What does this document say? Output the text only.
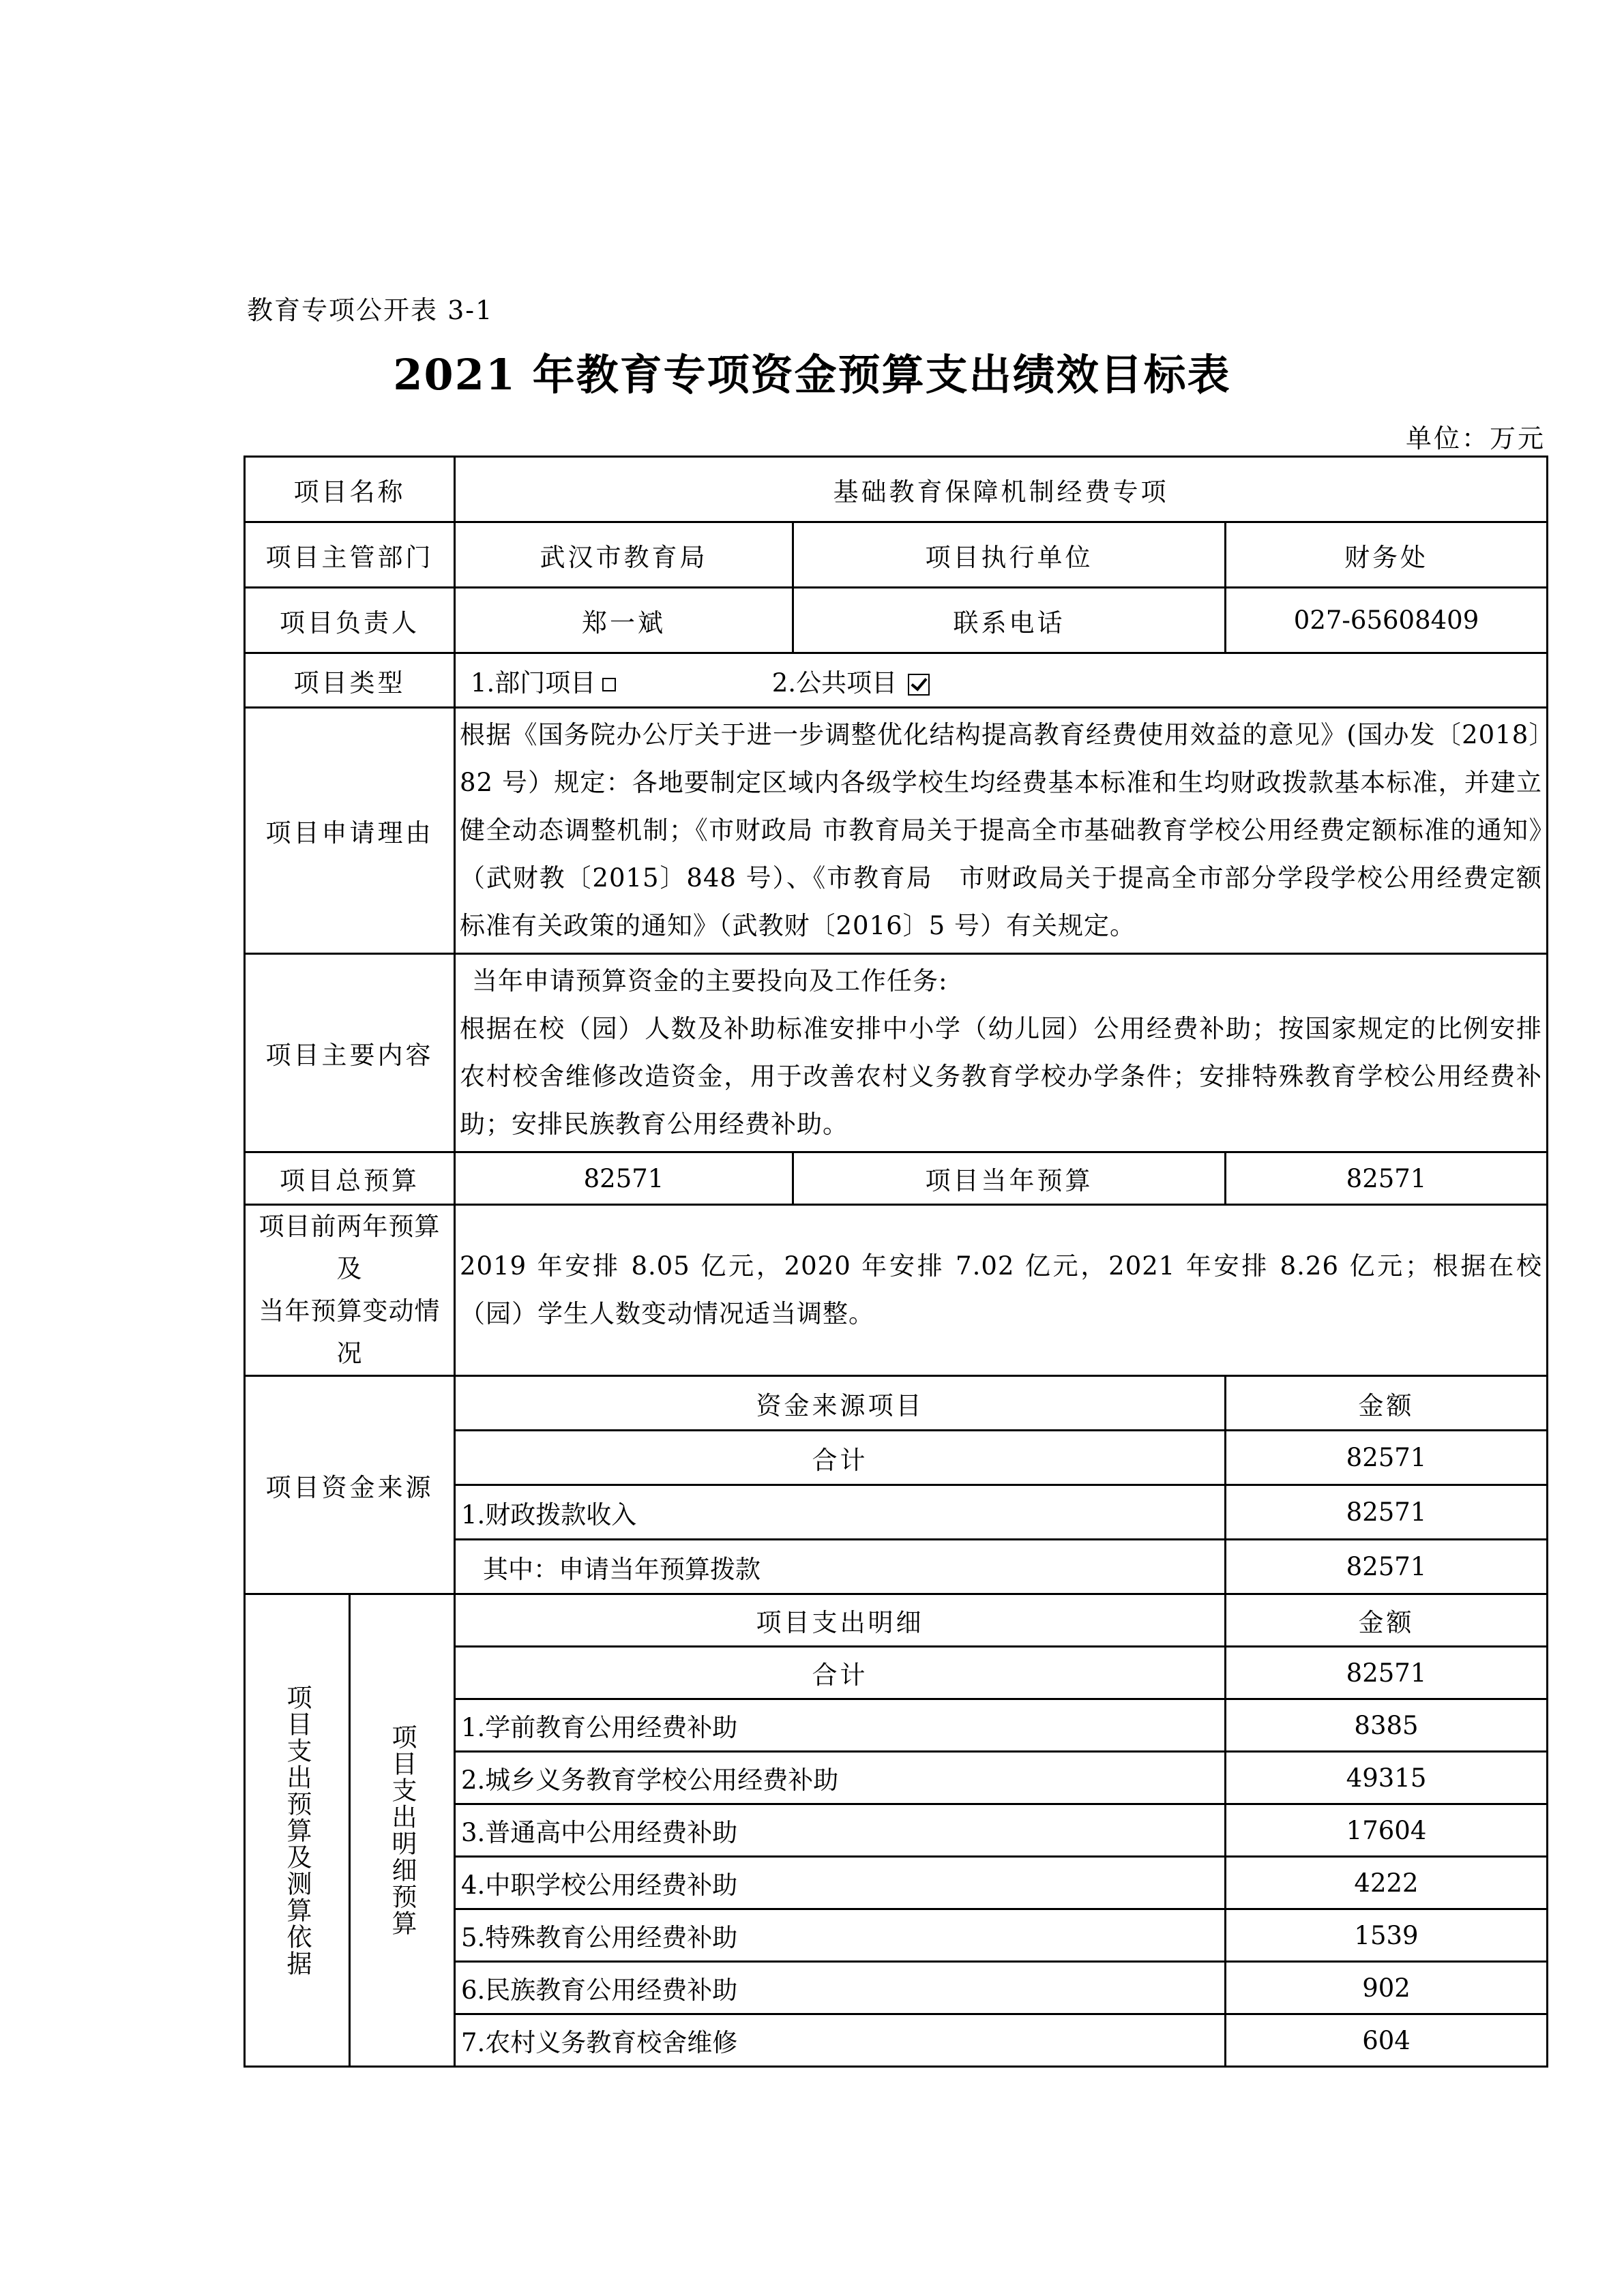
教育专项公开表 3-1
2021 年教育专项资金预算支出绩效目标表
单位：万元
项目名称		基础教育保障机制经费专项		
项目主管部门		武汉市教育局	项目执行单位	财务处
项目负责人		郑一斌	联系电话	027-65608409
项目类型		1.部门项目 2.公共项目		
项目申请理由		根据《国务院办公厅关于进一步调整优化结构提高教育经费使用效益的意见》(国办发〔2018〕82 号）规定：各地要制定区域内各级学校生均经费基本标准和生均财政拨款基本标准，并建立健全动态调整机制；《市财政局 市教育局关于提高全市基础教育学校公用经费定额标准的通知》（武财教〔2015〕848 号）、《市教育局　市财政局关于提高全市部分学段学校公用经费定额标准有关政策的通知》（武教财〔2016〕5 号）有关规定。		
项目主要内容		当年申请预算资金的主要投向及工作任务:
根据在校（园）人数及补助标准安排中小学（幼儿园）公用经费补助；按国家规定的比例安排农村校舍维修改造资金，用于改善农村义务教育学校办学条件；安排特殊教育学校公用经费补助；安排民族教育公用经费补助。		

项目总预算		82571	项目当年预算	82571

项目前两年预算及
当年预算变动情况		2019 年安排 8.05 亿元，2020 年安排 7.02 亿元，2021 年安排 8.26 亿元；根据在校（园）学生人数变动情况适当调整。		
项目资金来源		资金来源项目		金额
		合计		82571
		1.财政拨款收入		82571
		其中：申请当年预算拨款		82571

项目支出预算及测算依据	项目支出明细预算	项目支出明细		金额
		合计		82571
		1.学前教育公用经费补助		8385
		2.城乡义务教育学校公用经费补助		49315
		3.普通高中公用经费补助		17604
		4.中职学校公用经费补助		4222
		5.特殊教育公用经费补助		1539
		6.民族教育公用经费补助		902
		7.农村义务教育校舍维修		604
